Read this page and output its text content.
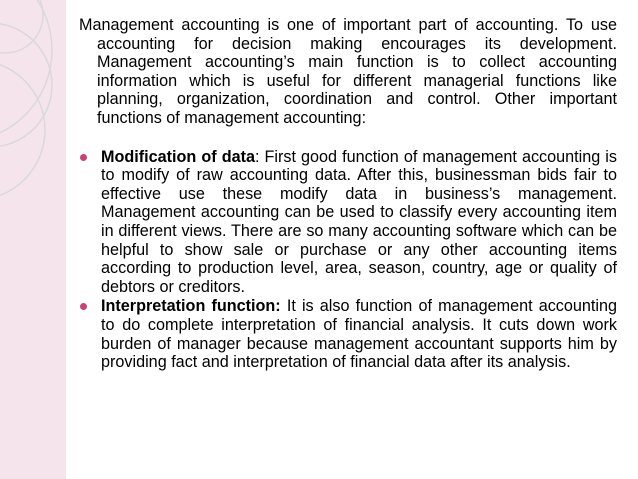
Management accounting is one of important part of accounting. To use accounting for decision making encourages its development. Management accounting’s main function is to collect accounting information which is useful for different managerial functions like planning, organization, coordination and control. Other important functions of management accounting:

Modification of data: First good function of management accounting is to modify of raw accounting data. After this, businessman bids fair to effective use these modify data in business’s management. Management accounting can be used to classify every accounting item in different views. There are so many accounting software which can be helpful to show sale or purchase or any other accounting items according to production level, area, season, country, age or quality of debtors or creditors.
Interpretation function: It is also function of management accounting to do complete interpretation of financial analysis. It cuts down work burden of manager because management accountant supports him by providing fact and interpretation of financial data after its analysis.
